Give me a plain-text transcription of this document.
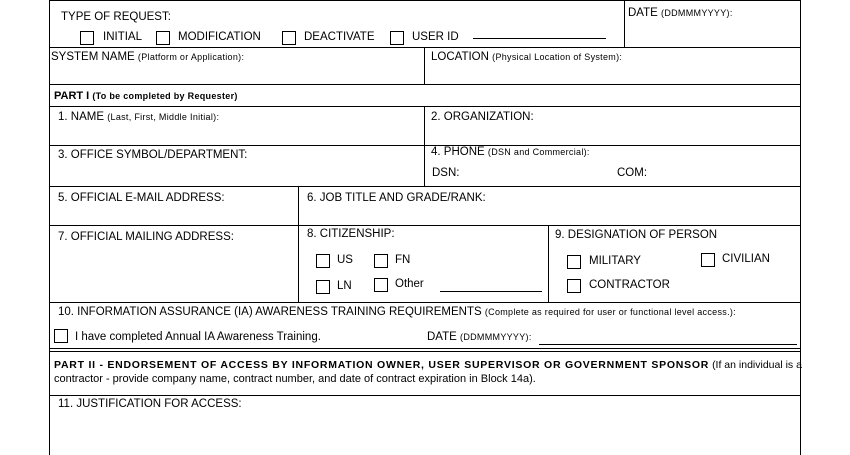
TYPE OF REQUEST:
INITIAL	MODIFICATION	DEACTIVATE	USER ID
DATE (DDMMMYYYY):
SYSTEM NAME (Platform or Application):	LOCATION (Physical Location of System):
PART I (To be completed by Requester)
1. NAME (Last, First, Middle Initial):	2. ORGANIZATION:
3. OFFICE SYMBOL/DEPARTMENT:	4. PHONE (DSN and Commercial):
DSN:	COM:
5. OFFICIAL E-MAIL ADDRESS:	6. JOB TITLE AND GRADE/RANK:
7. OFFICIAL MAILING ADDRESS:	8. CITIZENSHIP:
US	FN
LN	Other
9. DESIGNATION OF PERSON
MILITARY	CIVILIAN
CONTRACTOR
10. INFORMATION ASSURANCE (IA) AWARENESS TRAINING REQUIREMENTS (Complete as required for user or functional level access.):
I have completed Annual IA Awareness Training.	DATE (DDMMMYYYY):
PART II - ENDORSEMENT OF ACCESS BY INFORMATION OWNER, USER SUPERVISOR OR GOVERNMENT SPONSOR (If an individual is a
contractor - provide company name, contract number, and date of contract expiration in Block 14a).
11. JUSTIFICATION FOR ACCESS:
